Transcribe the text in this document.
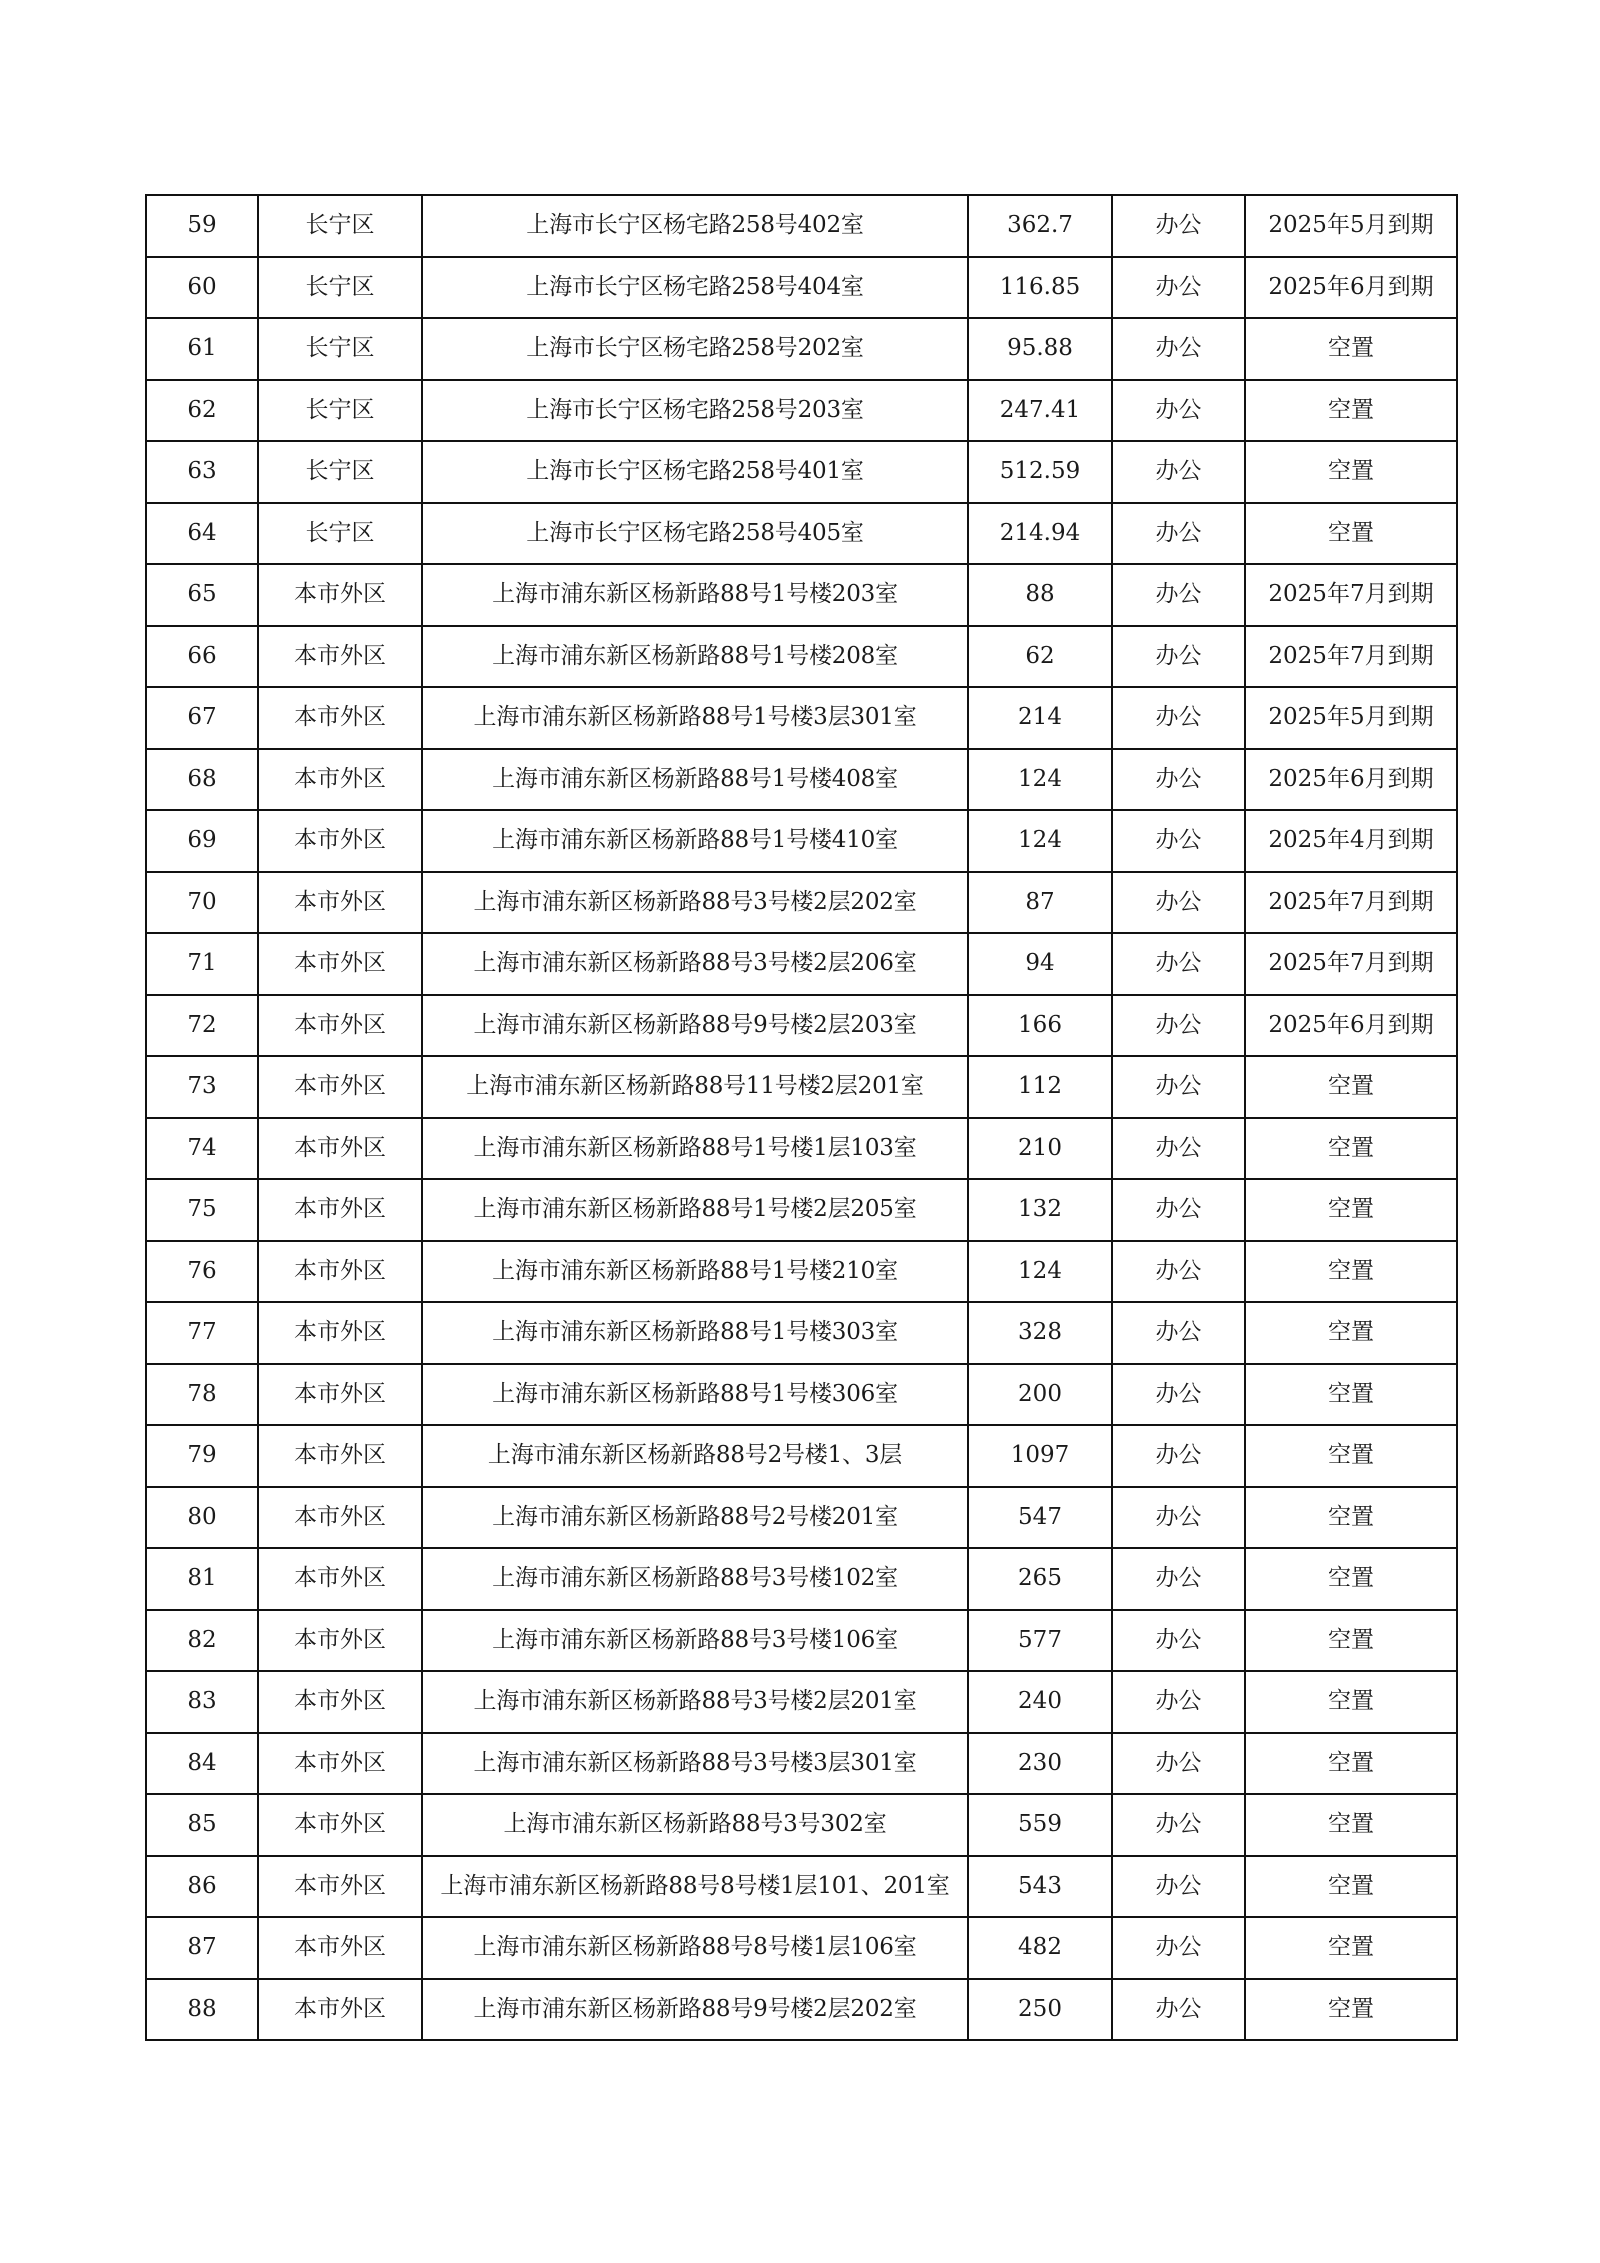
59	长宁区	上海市长宁区杨宅路258号402室	362.7	办公	2025年5月到期
60	长宁区	上海市长宁区杨宅路258号404室	116.85	办公	2025年6月到期
61	长宁区	上海市长宁区杨宅路258号202室	95.88	办公	空置
62	长宁区	上海市长宁区杨宅路258号203室	247.41	办公	空置
63	长宁区	上海市长宁区杨宅路258号401室	512.59	办公	空置
64	长宁区	上海市长宁区杨宅路258号405室	214.94	办公	空置
65	本市外区	上海市浦东新区杨新路88号1号楼203室	88	办公	2025年7月到期
66	本市外区	上海市浦东新区杨新路88号1号楼208室	62	办公	2025年7月到期
67	本市外区	上海市浦东新区杨新路88号1号楼3层301室	214	办公	2025年5月到期
68	本市外区	上海市浦东新区杨新路88号1号楼408室	124	办公	2025年6月到期
69	本市外区	上海市浦东新区杨新路88号1号楼410室	124	办公	2025年4月到期
70	本市外区	上海市浦东新区杨新路88号3号楼2层202室	87	办公	2025年7月到期
71	本市外区	上海市浦东新区杨新路88号3号楼2层206室	94	办公	2025年7月到期
72	本市外区	上海市浦东新区杨新路88号9号楼2层203室	166	办公	2025年6月到期
73	本市外区	上海市浦东新区杨新路88号11号楼2层201室	112	办公	空置
74	本市外区	上海市浦东新区杨新路88号1号楼1层103室	210	办公	空置
75	本市外区	上海市浦东新区杨新路88号1号楼2层205室	132	办公	空置
76	本市外区	上海市浦东新区杨新路88号1号楼210室	124	办公	空置
77	本市外区	上海市浦东新区杨新路88号1号楼303室	328	办公	空置
78	本市外区	上海市浦东新区杨新路88号1号楼306室	200	办公	空置
79	本市外区	上海市浦东新区杨新路88号2号楼1、3层	1097	办公	空置
80	本市外区	上海市浦东新区杨新路88号2号楼201室	547	办公	空置
81	本市外区	上海市浦东新区杨新路88号3号楼102室	265	办公	空置
82	本市外区	上海市浦东新区杨新路88号3号楼106室	577	办公	空置
83	本市外区	上海市浦东新区杨新路88号3号楼2层201室	240	办公	空置
84	本市外区	上海市浦东新区杨新路88号3号楼3层301室	230	办公	空置
85	本市外区	上海市浦东新区杨新路88号3号302室	559	办公	空置
86	本市外区	上海市浦东新区杨新路88号8号楼1层101、201室	543	办公	空置
87	本市外区	上海市浦东新区杨新路88号8号楼1层106室	482	办公	空置
88	本市外区	上海市浦东新区杨新路88号9号楼2层202室	250	办公	空置
